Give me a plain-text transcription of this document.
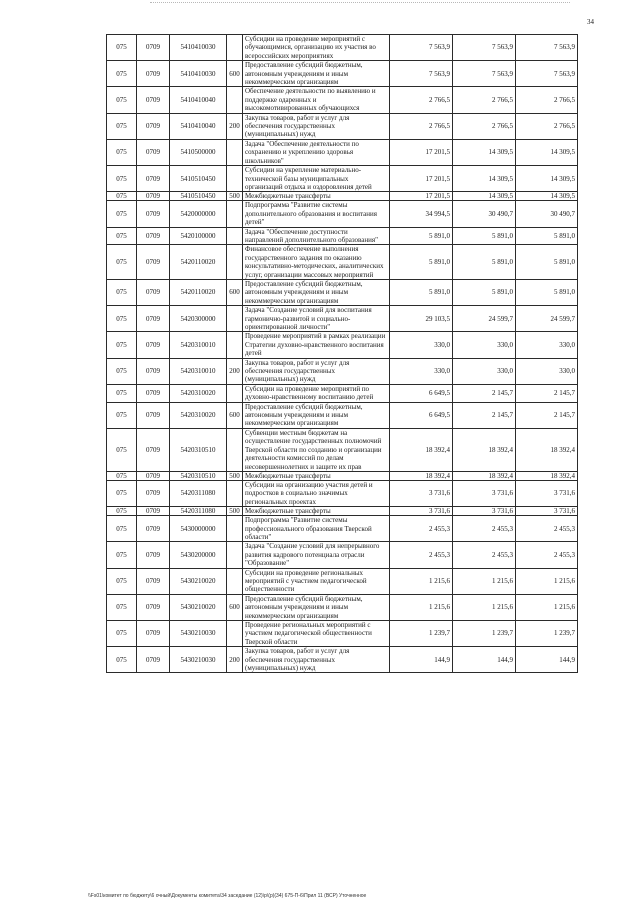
34
075	0709	5410410030		Субсидии на проведение мероприятий с обучающимися, организацию их участия во всероссийских мероприятиях	7 563,9	7 563,9	7 563,9
075	0709	5410410030	600	Предоставление субсидий бюджетным, автономным учреждениям и иным некоммерческим организациям	7 563,9	7 563,9	7 563,9
075	0709	5410410040		Обеспечение деятельности по выявлению и поддержке одаренных и высокомотивированных обучающихся	2 766,5	2 766,5	2 766,5
075	0709	5410410040	200	Закупка товаров, работ и услуг для обеспечения государственных (муниципальных) нужд	2 766,5	2 766,5	2 766,5
075	0709	5410500000		Задача "Обеспечение деятельности по сохранению и укреплению здоровья школьников"	17 201,5	14 309,5	14 309,5
075	0709	5410510450		Субсидии на укрепление материально-технической базы муниципальных организаций отдыха и оздоровления детей	17 201,5	14 309,5	14 309,5
075	0709	5410510450	500	Межбюджетные трансферты	17 201,5	14 309,5	14 309,5
075	0709	5420000000		Подпрограмма "Развитие системы дополнительного образования и воспитания детей"	34 994,5	30 490,7	30 490,7
075	0709	5420100000		Задача "Обеспечение доступности направлений дополнительного образования"	5 891,0	5 891,0	5 891,0
075	0709	5420110020		Финансовое обеспечение выполнения государственного задания по оказанию консультативно-методических, аналитических услуг, организации массовых мероприятий	5 891,0	5 891,0	5 891,0
075	0709	5420110020	600	Предоставление субсидий бюджетным, автономным учреждениям и иным некоммерческим организациям	5 891,0	5 891,0	5 891,0
075	0709	5420300000		Задача "Создание условий для воспитания гармонично-развитой и социально-ориентированной личности"	29 103,5	24 599,7	24 599,7
075	0709	5420310010		Проведение мероприятий в рамках реализации Стратегии духовно-нравственного воспитания детей	330,0	330,0	330,0
075	0709	5420310010	200	Закупка товаров, работ и услуг для обеспечения государственных (муниципальных) нужд	330,0	330,0	330,0
075	0709	5420310020		Субсидии на проведение мероприятий по духовно-нравственному воспитанию детей	6 649,5	2 145,7	2 145,7
075	0709	5420310020	600	Предоставление субсидий бюджетным, автономным учреждениям и иным некоммерческим организациям	6 649,5	2 145,7	2 145,7
075	0709	5420310510		Субвенции местным бюджетам на осуществление государственных полномочий Тверской области по созданию и организации деятельности комиссий по делам несовершеннолетних и защите их прав	18 392,4	18 392,4	18 392,4
075	0709	5420310510	500	Межбюджетные трансферты	18 392,4	18 392,4	18 392,4
075	0709	5420311080		Субсидии на организацию участия детей и подростков в социально значимых региональных проектах	3 731,6	3 731,6	3 731,6
075	0709	5420311080	500	Межбюджетные трансферты	3 731,6	3 731,6	3 731,6
075	0709	5430000000		Подпрограмма "Развитие системы профессионального образования Тверской области"	2 455,3	2 455,3	2 455,3
075	0709	5430200000		Задача "Создание условий для непрерывного развития кадрового потенциала отрасли "Образование"	2 455,3	2 455,3	2 455,3
075	0709	5430210020		Субсидии на проведение региональных мероприятий с участием педагогической общественности	1 215,6	1 215,6	1 215,6
075	0709	5430210020	600	Предоставление субсидий бюджетным, автономным учреждениям и иным некоммерческим организациям	1 215,6	1 215,6	1 215,6
075	0709	5430210030		Проведение региональных мероприятий с участием педагогической общественности Тверской области	1 239,7	1 239,7	1 239,7
075	0709	5430210030	200	Закупка товаров, работ и услуг для обеспечения государственных (муниципальных) нужд	144,9	144,9	144,9
\\Fs01\комитет по бюджету\6 очный\Документы комитета\34 заседание (12)\р\(р)(34) 675-П-6\Прил 11 (ВСР) Уточненное
